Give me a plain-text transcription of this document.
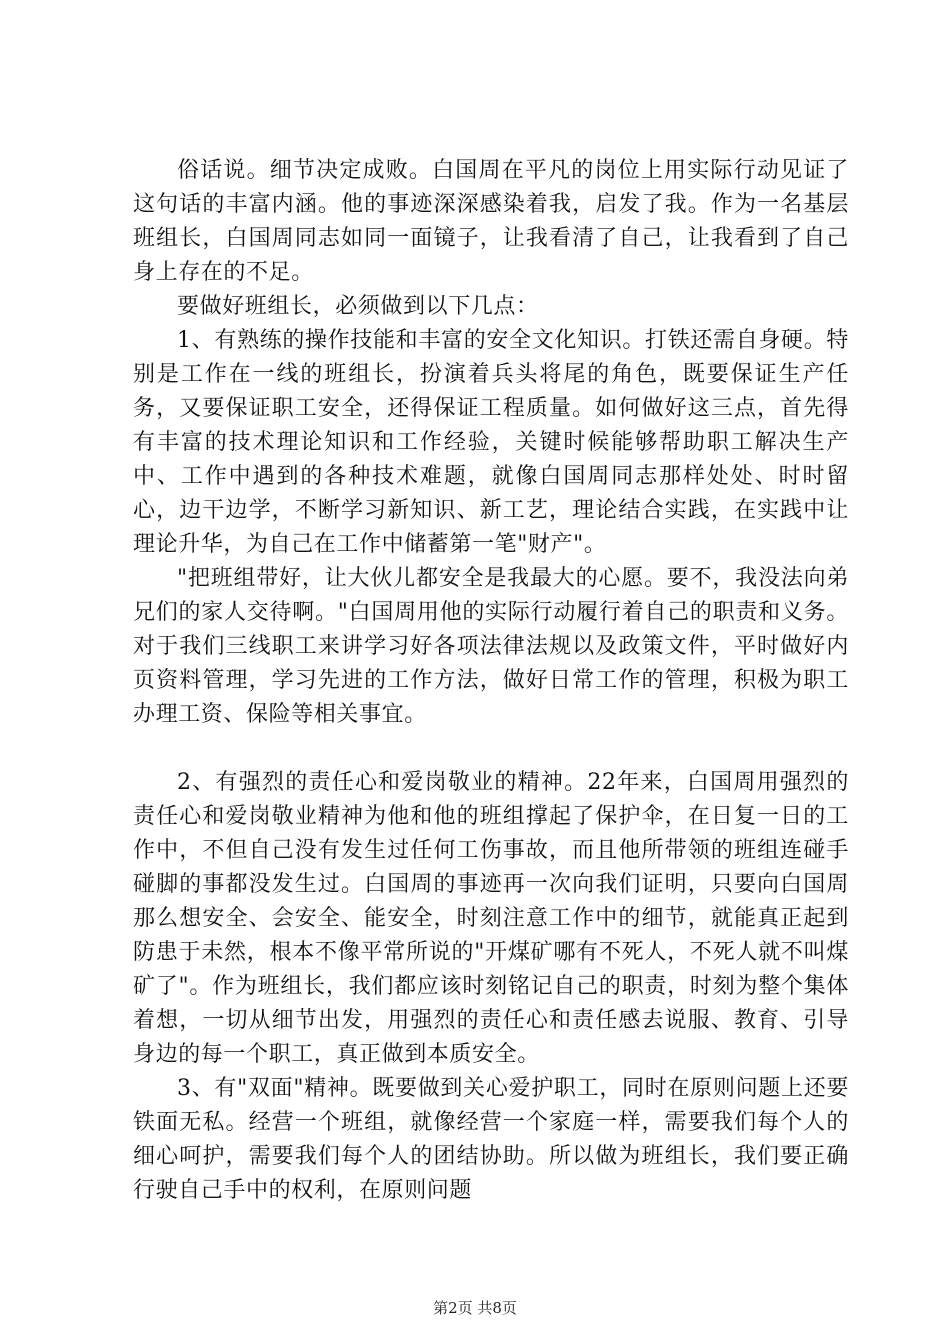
俗话说。细节决定成败。白国周在平凡的岗位上用实际行动见证了这句话的丰富内涵。他的事迹深深感染着我，启发了我。作为一名基层班组长，白国周同志如同一面镜子，让我看清了自己，让我看到了自己身上存在的不足。

要做好班组长，必须做到以下几点：

1、有熟练的操作技能和丰富的安全文化知识。打铁还需自身硬。特别是工作在一线的班组长，扮演着兵头将尾的角色，既要保证生产任务，又要保证职工安全，还得保证工程质量。如何做好这三点，首先得有丰富的技术理论知识和工作经验，关键时候能够帮助职工解决生产中、工作中遇到的各种技术难题，就像白国周同志那样处处、时时留心，边干边学，不断学习新知识、新工艺，理论结合实践，在实践中让理论升华，为自己在工作中储蓄第一笔"财产"。

"把班组带好，让大伙儿都安全是我最大的心愿。要不，我没法向弟兄们的家人交待啊。"白国周用他的实际行动履行着自己的职责和义务。对于我们三线职工来讲学习好各项法律法规以及政策文件，平时做好内页资料管理，学习先进的工作方法，做好日常工作的管理，积极为职工办理工资、保险等相关事宜。

2、有强烈的责任心和爱岗敬业的精神。22年来，白国周用强烈的责任心和爱岗敬业精神为他和他的班组撑起了保护伞，在日复一日的工作中，不但自己没有发生过任何工伤事故，而且他所带领的班组连碰手碰脚的事都没发生过。白国周的事迹再一次向我们证明，只要向白国周那么想安全、会安全、能安全，时刻注意工作中的细节，就能真正起到防患于未然，根本不像平常所说的"开煤矿哪有不死人，不死人就不叫煤矿了"。作为班组长，我们都应该时刻铭记自己的职责，时刻为整个集体着想，一切从细节出发，用强烈的责任心和责任感去说服、教育、引导身边的每一个职工，真正做到本质安全。

3、有"双面"精神。既要做到关心爱护职工，同时在原则问题上还要铁面无私。经营一个班组，就像经营一个家庭一样，需要我们每个人的细心呵护，需要我们每个人的团结协助。所以做为班组长，我们要正确行驶自己手中的权利，在原则问题

第2页 共8页
